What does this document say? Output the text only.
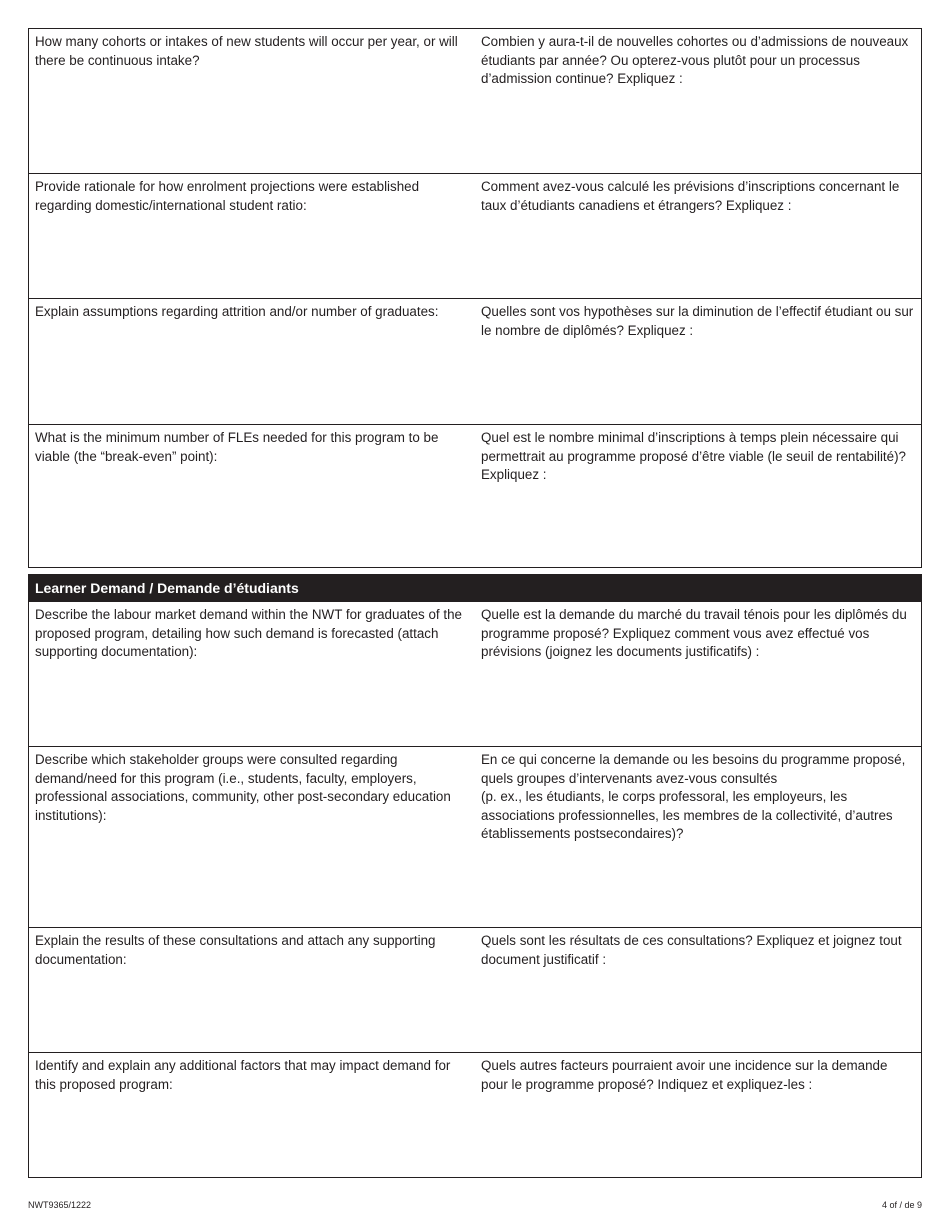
How many cohorts or intakes of new students will occur per year, or will there be continuous intake?
Combien y aura-t-il de nouvelles cohortes ou d’admissions de nouveaux étudiants par année? Ou opterez-vous plutôt pour un processus d’admission continue? Expliquez :
Provide rationale for how enrolment projections were established regarding domestic/international student ratio:
Comment avez-vous calculé les prévisions d’inscriptions concernant le taux d’étudiants canadiens et étrangers? Expliquez :
Explain assumptions regarding attrition and/or number of graduates:	Quelles sont vos hypothèses sur la diminution de l’effectif étudiant ou sur le nombre de diplômés? Expliquez :
What is the minimum number of FLEs needed for this program to be viable (the “break-even” point):
Quel est le nombre minimal d’inscriptions à temps plein nécessaire qui permettrait au programme proposé d’être viable (le seuil de rentabilité)? Expliquez :
Learner Demand / Demande d’étudiants
Describe the labour market demand within the NWT for graduates of the proposed program, detailing how such demand is forecasted (attach supporting documentation):
Quelle est la demande du marché du travail ténois pour les diplômés du programme proposé? Expliquez comment vous avez effectué vos prévisions (joignez les documents justificatifs) :
Describe which stakeholder groups were consulted regarding demand/need for this program (i.e., students, faculty, employers, professional associations, community, other post-secondary education institutions):
En ce qui concerne la demande ou les besoins du programme proposé, quels groupes d’intervenants avez-vous consultés
(p. ex., les étudiants, le corps professoral, les employeurs, les associations professionnelles, les membres de la collectivité, d’autres établissements postsecondaires)?
Explain the results of these consultations and attach any supporting documentation:
Quels sont les résultats de ces consultations? Expliquez et joignez tout document justificatif :
Identify and explain any additional factors that may impact demand for this proposed program:
Quels autres facteurs pourraient avoir une incidence sur la demande pour le programme proposé? Indiquez et expliquez-les :
NWT9365/1222	4 of / de 9
